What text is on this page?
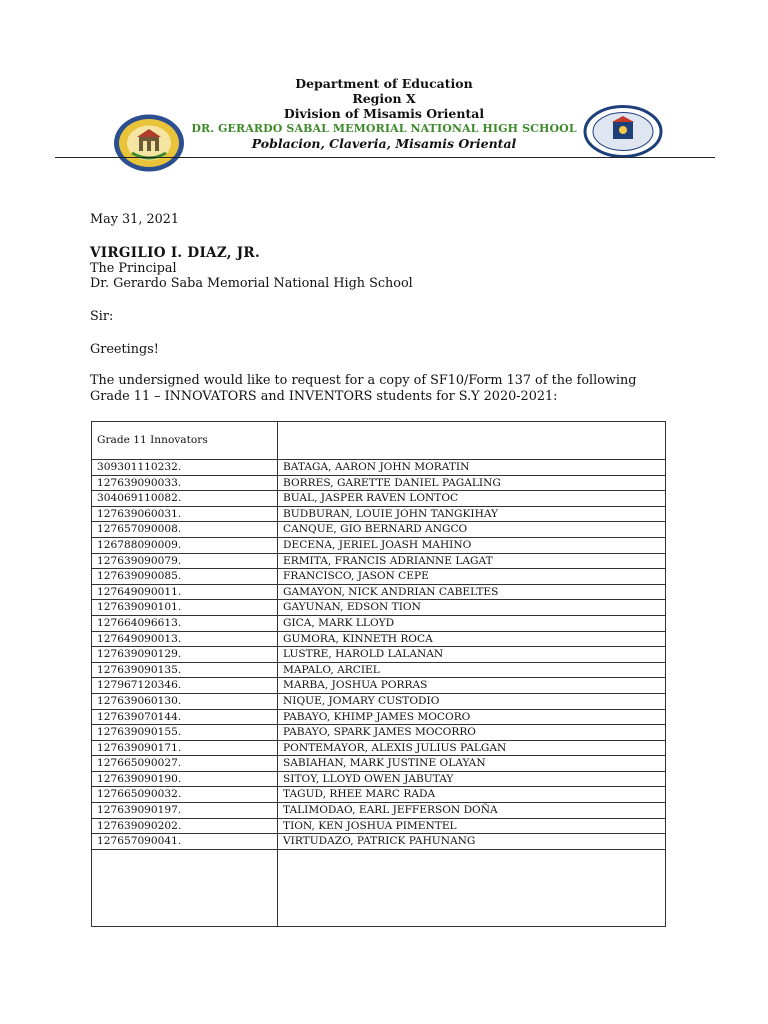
Department of Education
Region X
Division of Misamis Oriental
DR. GERARDO SABAL MEMORIAL NATIONAL HIGH SCHOOL
Poblacion, Claveria, Misamis Oriental
May 31, 2021
VIRGILIO I. DIAZ, JR.
The Principal
Dr. Gerardo Saba Memorial National High School
Sir:
Greetings!
The undersigned would like to request for a copy of SF10/Form 137 of the following
Grade 11 – INNOVATORS and INVENTORS students for S.Y 2020-2021:
Grade 11 Innovators	
309301110232.	BATAGA, AARON JOHN MORATIN
127639090033.	BORRES, GARETTE DANIEL PAGALING
304069110082.	BUAL, JASPER RAVEN LONTOC
127639060031.	BUDBURAN, LOUIE JOHN TANGKIHAY
127657090008.	CANQUE, GIO BERNARD ANGCO
126788090009.	DECENA, JERIEL JOASH MAHINO
127639090079.	ERMITA, FRANCIS ADRIANNE LAGAT
127639090085.	FRANCISCO, JASON CEPE
127649090011.	GAMAYON, NICK ANDRIAN CABELTES
127639090101.	GAYUNAN, EDSON TION
127664096613.	GICA, MARK LLOYD
127649090013.	GUMORA, KINNETH ROCA
127639090129.	LUSTRE, HAROLD LALANAN
127639090135.	MAPALO, ARCIEL
127967120346.	MARBA, JOSHUA PORRAS
127639060130.	NIQUE, JOMARY CUSTODIO
127639070144.	PABAYO, KHIMP JAMES MOCORO
127639090155.	PABAYO, SPARK JAMES MOCORRO
127639090171.	PONTEMAYOR, ALEXIS JULIUS PALGAN
127665090027.	SABIAHAN, MARK JUSTINE OLAYAN
127639090190.	SITOY, LLOYD OWEN JABUTAY
127665090032.	TAGUD, RHEE MARC RADA
127639090197.	TALIMODAO, EARL JEFFERSON DOÑA
127639090202.	TION, KEN JOSHUA PIMENTEL
127657090041.	VIRTUDAZO, PATRICK PAHUNANG
